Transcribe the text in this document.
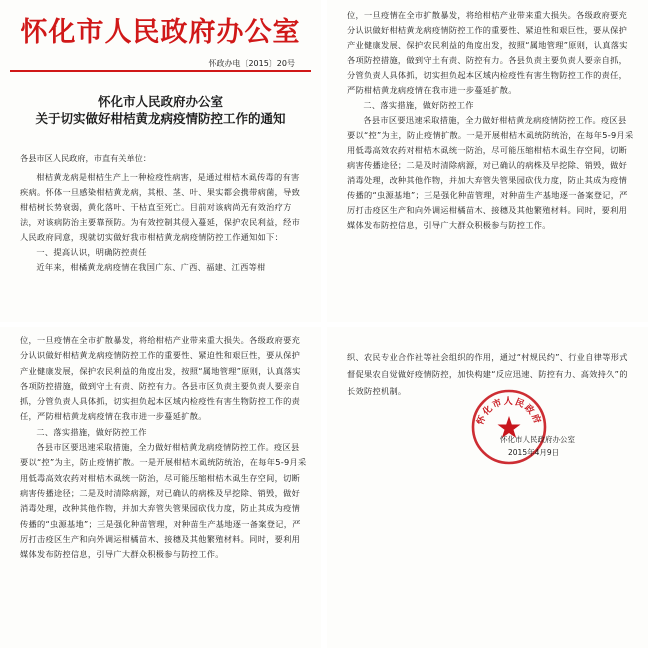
怀化市人民政府办公室
怀政办电〔2015〕20号
怀化市人民政府办公室
关于切实做好柑桔黄龙病疫情防控工作的通知
各县市区人民政府，市直有关单位：

柑桔黄龙病是柑桔生产上一种检疫性病害，是通过柑桔木虱传毒的有害疾病。怀体一旦感染柑桔黄龙病，其根、茎、叶、果实都会携带病菌，导致柑桔树长势衰弱，黄化落叶、干枯直至死亡。目前对该病尚无有效治疗方法，对该病防治主要靠预防。为有效控制其侵入蔓延，保护农民利益，经市人民政府同意，现就切实做好我市柑桔黄龙病疫情防控工作通知如下：

一、提高认识，明确防控责任

近年来，柑橘黄龙病疫情在我国广东、广西、福建、江西等柑

位，一旦疫情在全市扩散暴发，将给柑桔产业带来重大损失。各级政府要充分认识做好柑桔黄龙病疫情防控工作的重要性、紧迫性和艰巨性，要从保护产业健康发展、保护农民利益的角度出发，按照“属地管理”原则，认真落实各项防控措施，做到守土有责、防控有力。各县负责主要负责人要亲自抓，分管负责人具体抓，切实担负起本区域内检疫性有害生物防控工作的责任，严防柑桔黄龙病疫情在我市进一步蔓延扩散。

二、落实措施，做好防控工作

各县市区要迅速采取措施，全力做好柑桔黄龙病疫情防控工作。疫区县要以“控”为主，防止疫情扩散。一是开展柑桔木虱统防统治，在每年5-9月采用低毒高效农药对柑桔木虱统一防治，尽可能压缩柑桔木虱生存空间，切断病害传播途径；二是及时清除病源，对已确认的病株及早挖除、销毁，做好消毒处理，改种其他作物，并加大弃管失管果园砍伐力度，防止其成为疫情传播的“虫源基地”；三是强化种苗管理，对种苗生产基地逐一备案登记，严厉打击疫区生产和向外调运柑橘苗木、接穗及其他繁殖材料。同时，要利用媒体发布防控信息，引导广大群众积极参与防控工作。

位，一旦疫情在全市扩散暴发，将给柑桔产业带来重大损失。各级政府要充分认识做好柑桔黄龙病疫情防控工作的重要性、紧迫性和艰巨性，要从保护产业健康发展，保护农民利益的角度出发，按照“属地管理”原则，认真落实各项防控措施，做到守土有责、防控有力。各县市区负责主要负责人要亲自抓，分管负责人具体抓，切实担负起本区域内检疫性有害生物防控工作的责任，严防柑桔黄龙病疫情在我市进一步蔓延扩散。

二、落实措施，做好防控工作

各县市区要迅速采取措施，全力做好柑桔黄龙病疫情防控工作。疫区县要以“控”为主，防止疫情扩散。一是开展柑桔木虱统防统治，在每年5-9月采用低毒高效农药对柑桔木虱统一防治，尽可能压缩柑桔木虱生存空间，切断病害传播途径；二是及时清除病源，对已确认的病株及早挖除、销毁，做好消毒处理，改种其他作物，并加大弃管失管果园砍伐力度，防止其成为疫情传播的“虫源基地”；三是强化种苗管理，对种苗生产基地逐一备案登记，严厉打击疫区生产和向外调运柑橘苗木、接穗及其他繁殖材料。同时，要利用媒体发布防控信息，引导广大群众积极参与防控工作。

织、农民专业合作社等社会组织的作用，通过“村规民约”、行业自律等形式督促果农自觉做好疫情防控，加快构建“反应迅速、防控有力、高效持久”的长效防控机制。

怀化市人民政府
怀化市人民政府办公室
2015年4月9日
